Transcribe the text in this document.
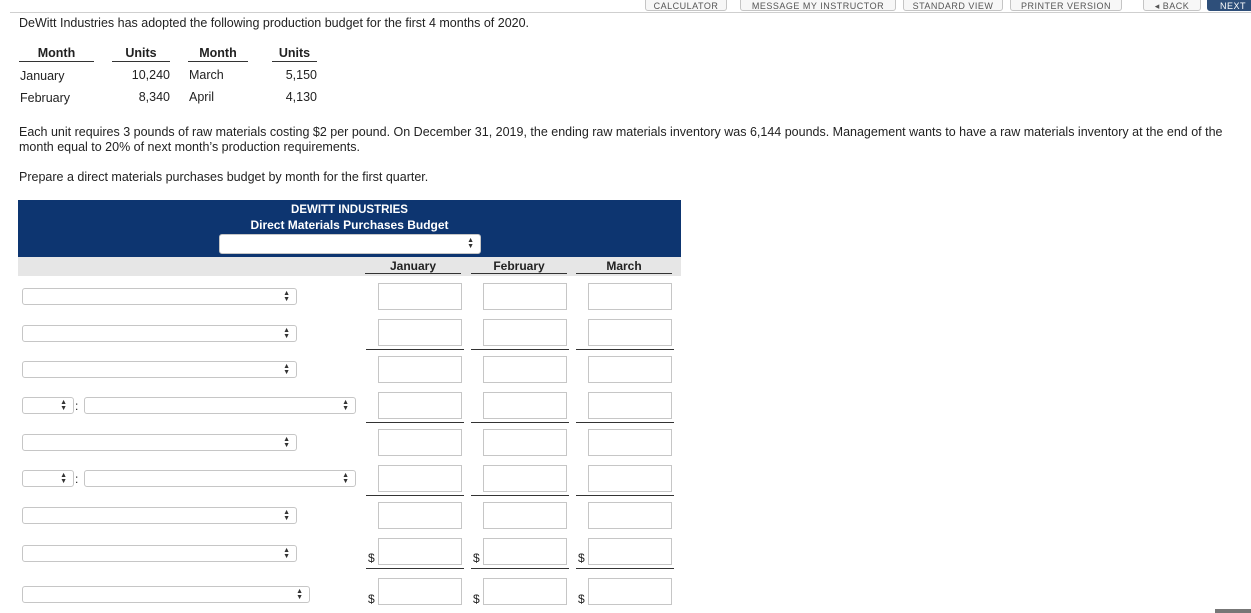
CALCULATOR	MESSAGE MY INSTRUCTOR	STANDARD VIEW	PRINTER VERSION	◂ BACK	NEXT
DeWitt Industries has adopted the following production budget for the first 4 months of 2020.
Month	Units	Month	Units
January	10,240 March	5,150
February	8,340 April	4,130
Each unit requires 3 pounds of raw materials costing $2 per pound. On December 31, 2019, the ending raw materials inventory was 6,144 pounds. Management wants to have a raw materials inventory at the end of the month equal to 20% of next month’s production requirements.
Prepare a direct materials purchases budget by month for the first quarter.
DEWITT INDUSTRIES
Direct Materials Purchases Budget
▲
▼
January	February	March
▲
▼
▲
▼
▲
▼
▲
▼ :	▲
▼
▲
▼
▲
▼ :	▲
▼
▲
▼
▲
▼	$	$	$
▲
▼	$	$	$
